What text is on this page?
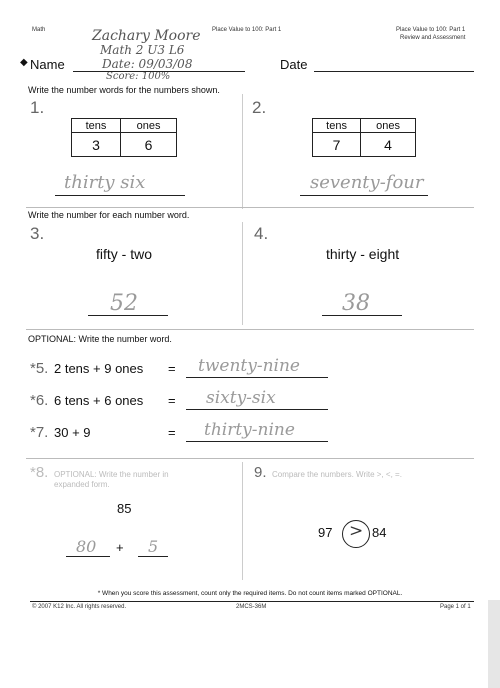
Math	Place Value to 100: Part 1	Place Value to 100: Part 1
Review and Assessment
Zachary Moore
Math 2 U3 L6
Date: 09/03/08
Score: 100%
◆ Name	Date
Write the number words for the numbers shown.
1.	2.
tens	ones
3	6
tens	ones
7	4
thirty six	seventy-four
Write the number for each number word.
3.	4.
fifty - two	thirty - eight
52	38
OPTIONAL: Write the number word.
*5. 2 tens + 9 ones = twenty-nine
*6. 6 tens + 6 ones = sixty-six
*7. 30 + 9	= thirty-nine
*8. OPTIONAL: Write the number in
expanded form.
85
80 + 5
9. Compare the numbers. Write >, <, =.
97 > 84
* When you score this assessment, count only the required items. Do not count items marked OPTIONAL.
© 2007 K12 Inc. All rights reserved.	2MCS-36M	Page 1 of 1
